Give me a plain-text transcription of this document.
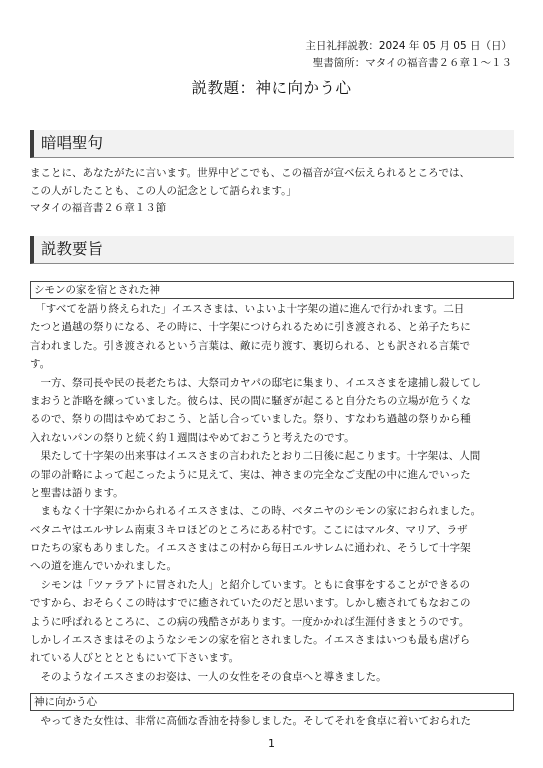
主日礼拝説教：2024 年 05 月 05 日（日）
聖書箇所：マタイの福音書２６章１～１３
説教題：神に向かう心
暗唱聖句
まことに、あなたがたに言います。世界中どこでも、この福音が宣べ伝えられるところでは、
この人がしたことも、この人の記念として語られます。」
マタイの福音書２６章１３節
説教要旨
シモンの家を宿とされた神
　「すべてを語り終えられた」イエスさまは、いよいよ十字架の道に進んで行かれます。二日
たつと過越の祭りになる、その時に、十字架につけられるために引き渡される、と弟子たちに
言われました。引き渡されるという言葉は、敵に売り渡す、裏切られる、とも訳される言葉で
す。
　一方、祭司長や民の長老たちは、大祭司カヤパの邸宅に集まり、イエスさまを逮捕し殺してし
まおうと詐略を練っていました。彼らは、民の間に騒ぎが起こると自分たちの立場が危うくな
るので、祭りの間はやめておこう、と話し合っていました。祭り、すなわち過越の祭りから種
入れないパンの祭りと続く約１週間はやめておこうと考えたのです。
　果たして十字架の出来事はイエスさまの言われたとおり二日後に起こります。十字架は、人間
の罪の計略によって起こったように見えて、実は、神さまの完全なご支配の中に進んでいった
と聖書は語ります。
　まもなく十字架にかかられるイエスさまは、この時、ベタニヤのシモンの家におられました。
ベタニヤはエルサレム南東３キロほどのところにある村です。ここにはマルタ、マリア、ラザ
ロたちの家もありました。イエスさまはこの村から毎日エルサレムに通われ、そうして十字架
への道を進んでいかれました。
　シモンは「ツァラアトに冒された人」と紹介しています。ともに食事をすることができるの
ですから、おそらくこの時はすでに癒されていたのだと思います。しかし癒されてもなおこの
ように呼ばれるところに、この病の残酷さがあります。一度かかれば生涯付きまとうのです。
しかしイエスさまはそのようなシモンの家を宿とされました。イエスさまはいつも最も虐げら
れている人びとととともにいて下さいます。
　そのようなイエスさまのお姿は、一人の女性をその食卓へと導きました。
神に向かう心
　やってきた女性は、非常に高価な香油を持参しました。そしてそれを食卓に着いておられた
1
